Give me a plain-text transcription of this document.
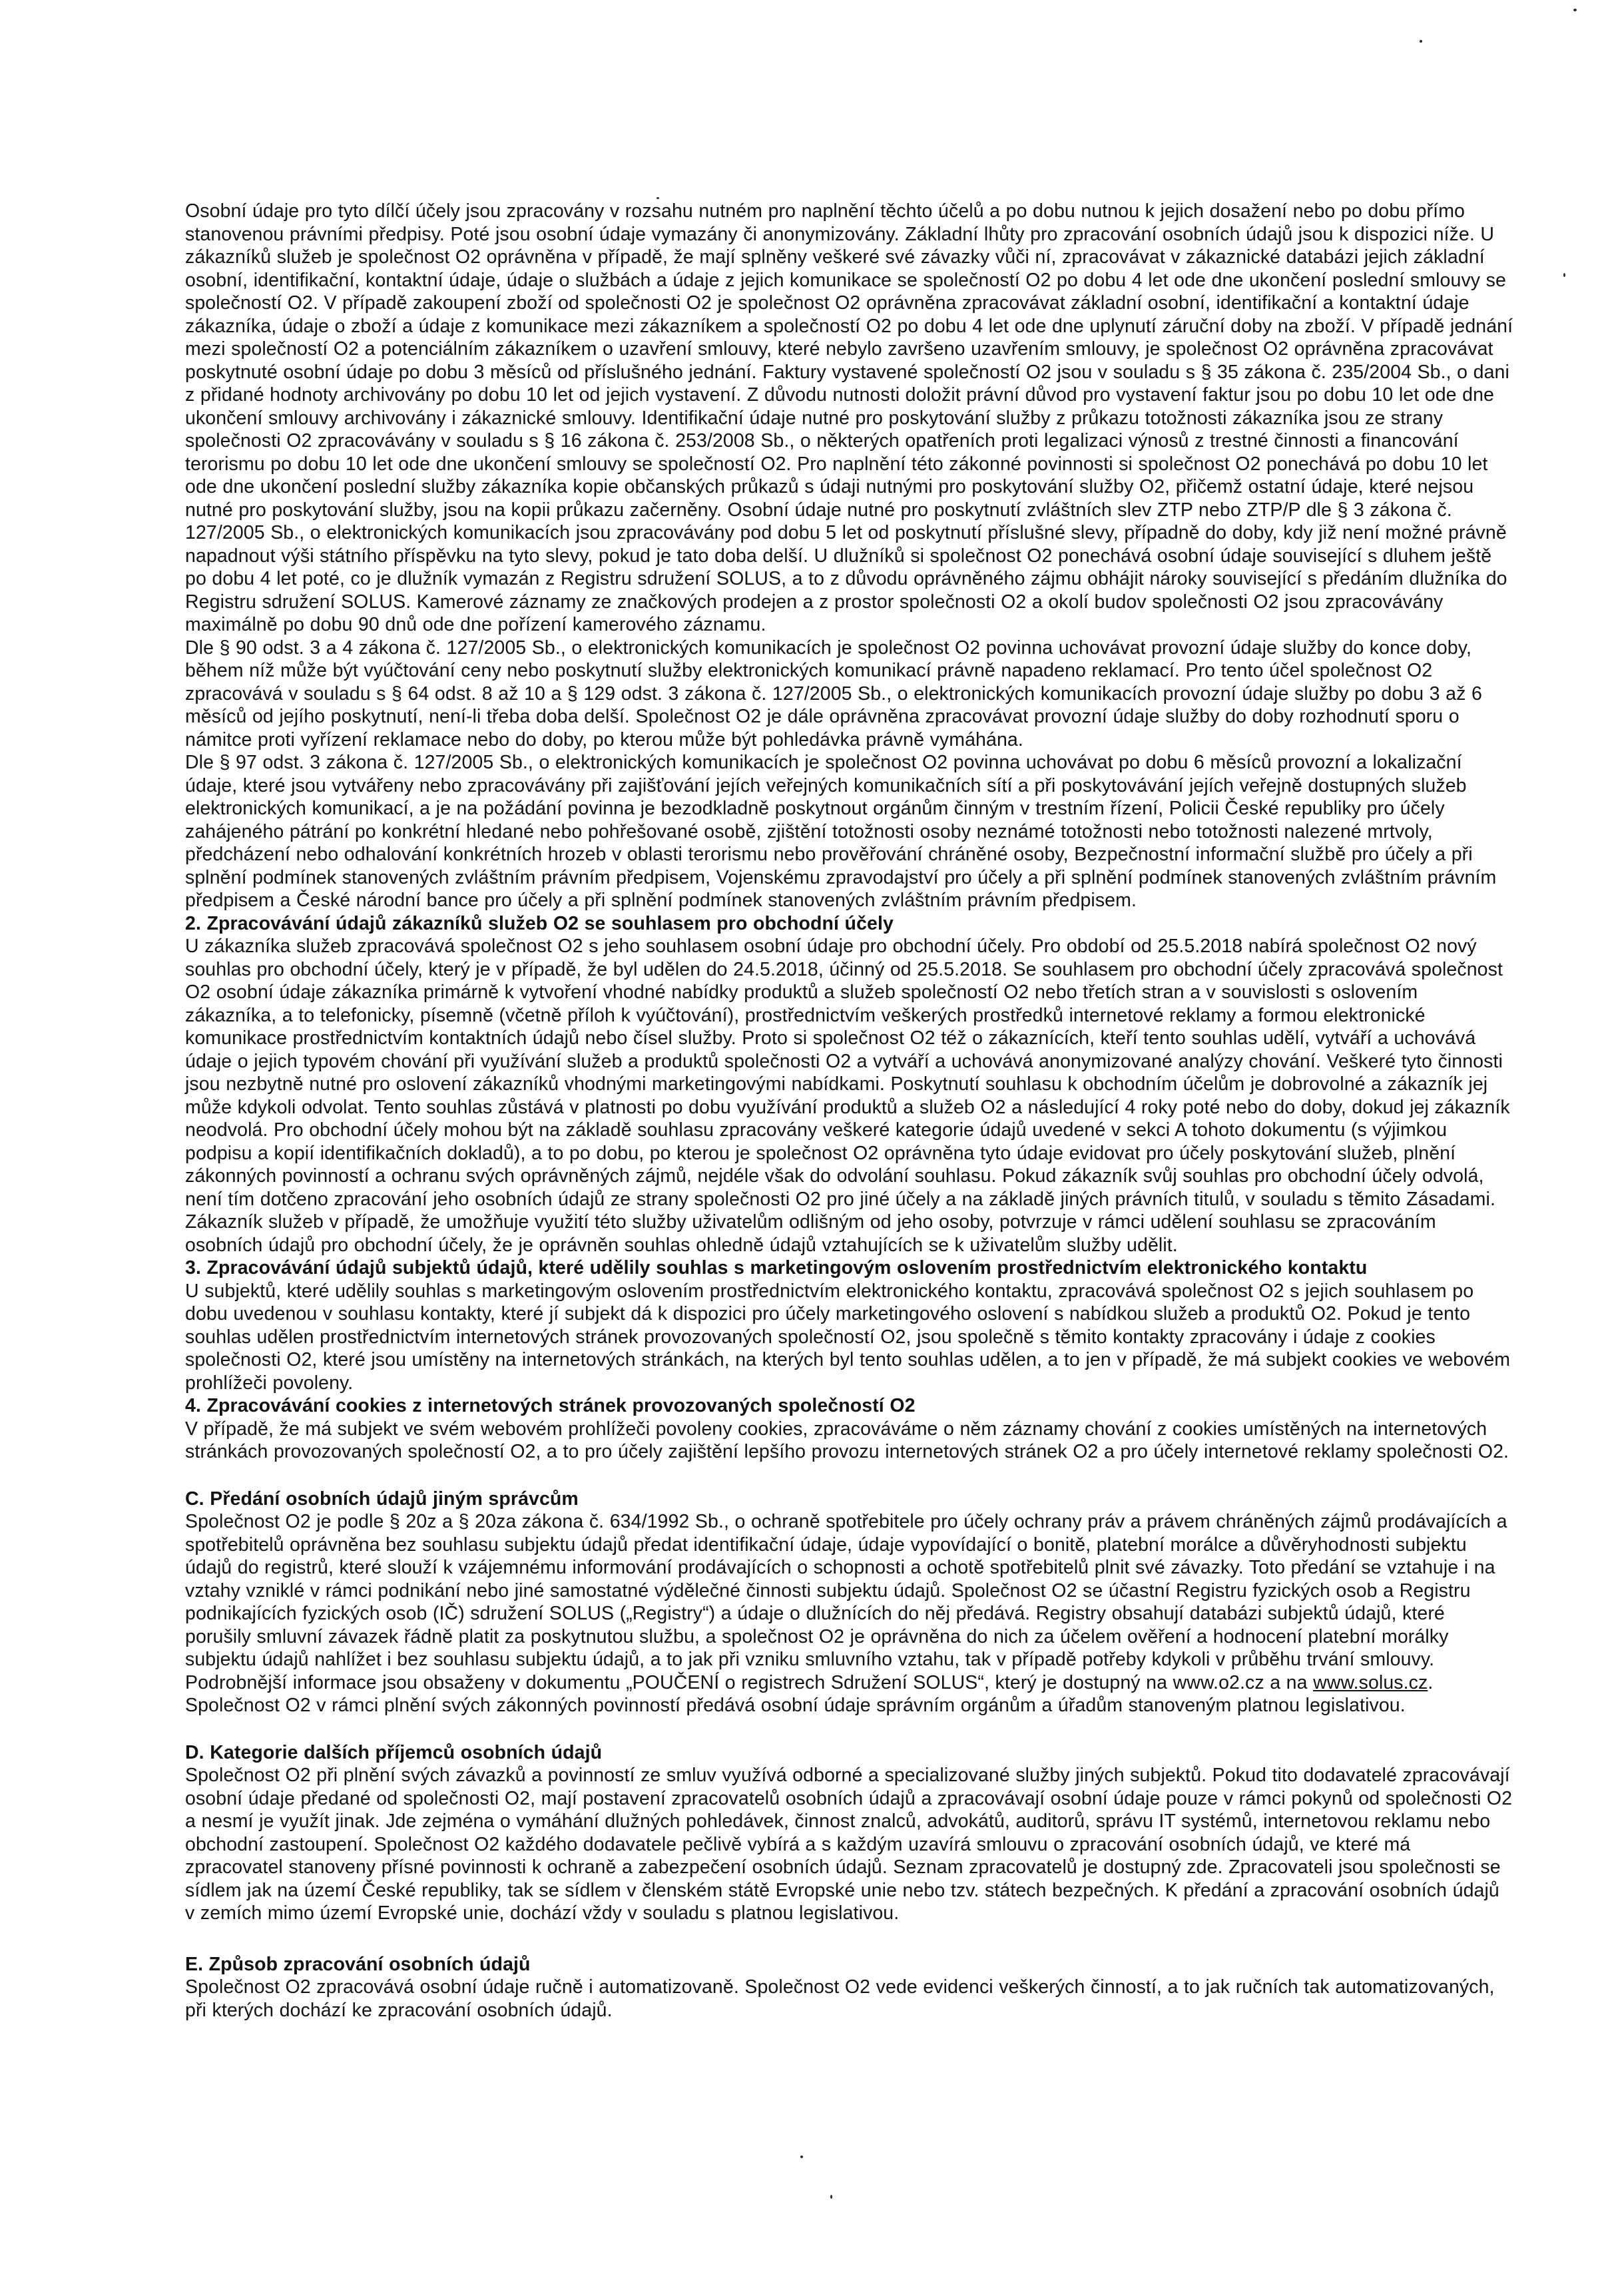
Osobní údaje pro tyto dílčí účely jsou zpracovány v rozsahu nutném pro naplnění těchto účelů a po dobu nutnou k jejich dosažení nebo po dobu přímo stanovenou právními předpisy. Poté jsou osobní údaje vymazány či anonymizovány. Základní lhůty pro zpracování osobních údajů jsou k dispozici níže. U zákazníků služeb je společnost O2 oprávněna v případě, že mají splněny veškeré své závazky vůči ní, zpracovávat v zákaznické databázi jejich základní osobní, identifikační, kontaktní údaje, údaje o službách a údaje z jejich komunikace se společností O2 po dobu 4 let ode dne ukončení poslední smlouvy se společností O2. V případě zakoupení zboží od společnosti O2 je společnost O2 oprávněna zpracovávat základní osobní, identifikační a kontaktní údaje zákazníka, údaje o zboží a údaje z komunikace mezi zákazníkem a společností O2 po dobu 4 let ode dne uplynutí záruční doby na zboží. V případě jednání mezi společností O2 a potenciálním zákazníkem o uzavření smlouvy, které nebylo završeno uzavřením smlouvy, je společnost O2 oprávněna zpracovávat poskytnuté osobní údaje po dobu 3 měsíců od příslušného jednání. Faktury vystavené společností O2 jsou v souladu s § 35 zákona č. 235/2004 Sb., o dani z přidané hodnoty archivovány po dobu 10 let od jejich vystavení. Z důvodu nutnosti doložit právní důvod pro vystavení faktur jsou po dobu 10 let ode dne ukončení smlouvy archivovány i zákaznické smlouvy. Identifikační údaje nutné pro poskytování služby z průkazu totožnosti zákazníka jsou ze strany společnosti O2 zpracovávány v souladu s § 16 zákona č. 253/2008 Sb., o některých opatřeních proti legalizaci výnosů z trestné činnosti a financování terorismu po dobu 10 let ode dne ukončení smlouvy se společností O2. Pro naplnění této zákonné povinnosti si společnost O2 ponechává po dobu 10 let ode dne ukončení poslední služby zákazníka kopie občanských průkazů s údaji nutnými pro poskytování služby O2, přičemž ostatní údaje, které nejsou nutné pro poskytování služby, jsou na kopii průkazu začerněny. Osobní údaje nutné pro poskytnutí zvláštních slev ZTP nebo ZTP/P dle § 3 zákona č. 127/2005 Sb., o elektronických komunikacích jsou zpracovávány pod dobu 5 let od poskytnutí příslušné slevy, případně do doby, kdy již není možné právně napadnout výši státního příspěvku na tyto slevy, pokud je tato doba delší. U dlužníků si společnost O2 ponechává osobní údaje související s dluhem ještě po dobu 4 let poté, co je dlužník vymazán z Registru sdružení SOLUS, a to z důvodu oprávněného zájmu obhájit nároky související s předáním dlužníka do Registru sdružení SOLUS. Kamerové záznamy ze značkových prodejen a z prostor společnosti O2 a okolí budov společnosti O2 jsou zpracovávány maximálně po dobu 90 dnů ode dne pořízení kamerového záznamu.

Dle § 90 odst. 3 a 4 zákona č. 127/2005 Sb., o elektronických komunikacích je společnost O2 povinna uchovávat provozní údaje služby do konce doby, během níž může být vyúčtování ceny nebo poskytnutí služby elektronických komunikací právně napadeno reklamací. Pro tento účel společnost O2 zpracovává v souladu s § 64 odst. 8 až 10 a § 129 odst. 3 zákona č. 127/2005 Sb., o elektronických komunikacích provozní údaje služby po dobu 3 až 6 měsíců od jejího poskytnutí, není-li třeba doba delší. Společnost O2 je dále oprávněna zpracovávat provozní údaje služby do doby rozhodnutí sporu o námitce proti vyřízení reklamace nebo do doby, po kterou může být pohledávka právně vymáhána.

Dle § 97 odst. 3 zákona č. 127/2005 Sb., o elektronických komunikacích je společnost O2 povinna uchovávat po dobu 6 měsíců provozní a lokalizační údaje, které jsou vytvářeny nebo zpracovávány při zajišťování jejích veřejných komunikačních sítí a při poskytovávání jejích veřejně dostupných služeb elektronických komunikací, a je na požádání povinna je bezodkladně poskytnout orgánům činným v trestním řízení, Policii České republiky pro účely zahájeného pátrání po konkrétní hledané nebo pohřešované osobě, zjištění totožnosti osoby neznámé totožnosti nebo totožnosti nalezené mrtvoly, předcházení nebo odhalování konkrétních hrozeb v oblasti terorismu nebo prověřování chráněné osoby, Bezpečnostní informační službě pro účely a při splnění podmínek stanovených zvláštním právním předpisem, Vojenskému zpravodajství pro účely a při splnění podmínek stanovených zvláštním právním předpisem a České národní bance pro účely a při splnění podmínek stanovených zvláštním právním předpisem.

2. Zpracovávání údajů zákazníků služeb O2 se souhlasem pro obchodní účely

U zákazníka služeb zpracovává společnost O2 s jeho souhlasem osobní údaje pro obchodní účely. Pro období od 25.5.2018 nabírá společnost O2 nový souhlas pro obchodní účely, který je v případě, že byl udělen do 24.5.2018, účinný od 25.5.2018. Se souhlasem pro obchodní účely zpracovává společnost O2 osobní údaje zákazníka primárně k vytvoření vhodné nabídky produktů a služeb společností O2 nebo třetích stran a v souvislosti s oslovením zákazníka, a to telefonicky, písemně (včetně příloh k vyúčtování), prostřednictvím veškerých prostředků internetové reklamy a formou elektronické komunikace prostřednictvím kontaktních údajů nebo čísel služby. Proto si společnost O2 též o zákaznících, kteří tento souhlas udělí, vytváří a uchovává údaje o jejich typovém chování při využívání služeb a produktů společnosti O2 a vytváří a uchovává anonymizované analýzy chování. Veškeré tyto činnosti jsou nezbytně nutné pro oslovení zákazníků vhodnými marketingovými nabídkami. Poskytnutí souhlasu k obchodním účelům je dobrovolné a zákazník jej může kdykoli odvolat. Tento souhlas zůstává v platnosti po dobu využívání produktů a služeb O2 a následující 4 roky poté nebo do doby, dokud jej zákazník neodvolá. Pro obchodní účely mohou být na základě souhlasu zpracovány veškeré kategorie údajů uvedené v sekci A tohoto dokumentu (s výjimkou podpisu a kopií identifikačních dokladů), a to po dobu, po kterou je společnost O2 oprávněna tyto údaje evidovat pro účely poskytování služeb, plnění zákonných povinností a ochranu svých oprávněných zájmů, nejdéle však do odvolání souhlasu. Pokud zákazník svůj souhlas pro obchodní účely odvolá, není tím dotčeno zpracování jeho osobních údajů ze strany společnosti O2 pro jiné účely a na základě jiných právních titulů, v souladu s těmito Zásadami. Zákazník služeb v případě, že umožňuje využití této služby uživatelům odlišným od jeho osoby, potvrzuje v rámci udělení souhlasu se zpracováním osobních údajů pro obchodní účely, že je oprávněn souhlas ohledně údajů vztahujících se k uživatelům služby udělit.

3. Zpracovávání údajů subjektů údajů, které udělily souhlas s marketingovým oslovením prostřednictvím elektronického kontaktu

U subjektů, které udělily souhlas s marketingovým oslovením prostřednictvím elektronického kontaktu, zpracovává společnost O2 s jejich souhlasem po dobu uvedenou v souhlasu kontakty, které jí subjekt dá k dispozici pro účely marketingového oslovení s nabídkou služeb a produktů O2. Pokud je tento souhlas udělen prostřednictvím internetových stránek provozovaných společností O2, jsou společně s těmito kontakty zpracovány i údaje z cookies společnosti O2, které jsou umístěny na internetových stránkách, na kterých byl tento souhlas udělen, a to jen v případě, že má subjekt cookies ve webovém prohlížeči povoleny.

4. Zpracovávání cookies z internetových stránek provozovaných společností O2

V případě, že má subjekt ve svém webovém prohlížeči povoleny cookies, zpracováváme o něm záznamy chování z cookies umístěných na internetových stránkách provozovaných společností O2, a to pro účely zajištění lepšího provozu internetových stránek O2 a pro účely internetové reklamy společnosti O2.

C. Předání osobních údajů jiným správcům

Společnost O2 je podle § 20z a § 20za zákona č. 634/1992 Sb., o ochraně spotřebitele pro účely ochrany práv a právem chráněných zájmů prodávajících a spotřebitelů oprávněna bez souhlasu subjektu údajů předat identifikační údaje, údaje vypovídající o bonitě, platební morálce a důvěryhodnosti subjektu údajů do registrů, které slouží k vzájemnému informování prodávajících o schopnosti a ochotě spotřebitelů plnit své závazky. Toto předání se vztahuje i na vztahy vzniklé v rámci podnikání nebo jiné samostatné výdělečné činnosti subjektu údajů. Společnost O2 se účastní Registru fyzických osob a Registru podnikajících fyzických osob (IČ) sdružení SOLUS („Registry“) a údaje o dlužnících do něj předává. Registry obsahují databázi subjektů údajů, které porušily smluvní závazek řádně platit za poskytnutou službu, a společnost O2 je oprávněna do nich za účelem ověření a hodnocení platební morálky subjektu údajů nahlížet i bez souhlasu subjektu údajů, a to jak při vzniku smluvního vztahu, tak v případě potřeby kdykoli v průběhu trvání smlouvy. Podrobnější informace jsou obsaženy v dokumentu „POUČENÍ o registrech Sdružení SOLUS“, který je dostupný na www.o2.cz a na www.solus.cz. Společnost O2 v rámci plnění svých zákonných povinností předává osobní údaje správním orgánům a úřadům stanoveným platnou legislativou.

D. Kategorie dalších příjemců osobních údajů

Společnost O2 při plnění svých závazků a povinností ze smluv využívá odborné a specializované služby jiných subjektů. Pokud tito dodavatelé zpracovávají osobní údaje předané od společnosti O2, mají postavení zpracovatelů osobních údajů a zpracovávají osobní údaje pouze v rámci pokynů od společnosti O2 a nesmí je využít jinak. Jde zejména o vymáhání dlužných pohledávek, činnost znalců, advokátů, auditorů, správu IT systémů, internetovou reklamu nebo obchodní zastoupení. Společnost O2 každého dodavatele pečlivě vybírá a s každým uzavírá smlouvu o zpracování osobních údajů, ve které má zpracovatel stanoveny přísné povinnosti k ochraně a zabezpečení osobních údajů. Seznam zpracovatelů je dostupný zde. Zpracovateli jsou společnosti se sídlem jak na území České republiky, tak se sídlem v členském státě Evropské unie nebo tzv. státech bezpečných. K předání a zpracování osobních údajů v zemích mimo území Evropské unie, dochází vždy v souladu s platnou legislativou.

E. Způsob zpracování osobních údajů

Společnost O2 zpracovává osobní údaje ručně i automatizovaně. Společnost O2 vede evidenci veškerých činností, a to jak ručních tak automatizovaných, při kterých dochází ke zpracování osobních údajů.
